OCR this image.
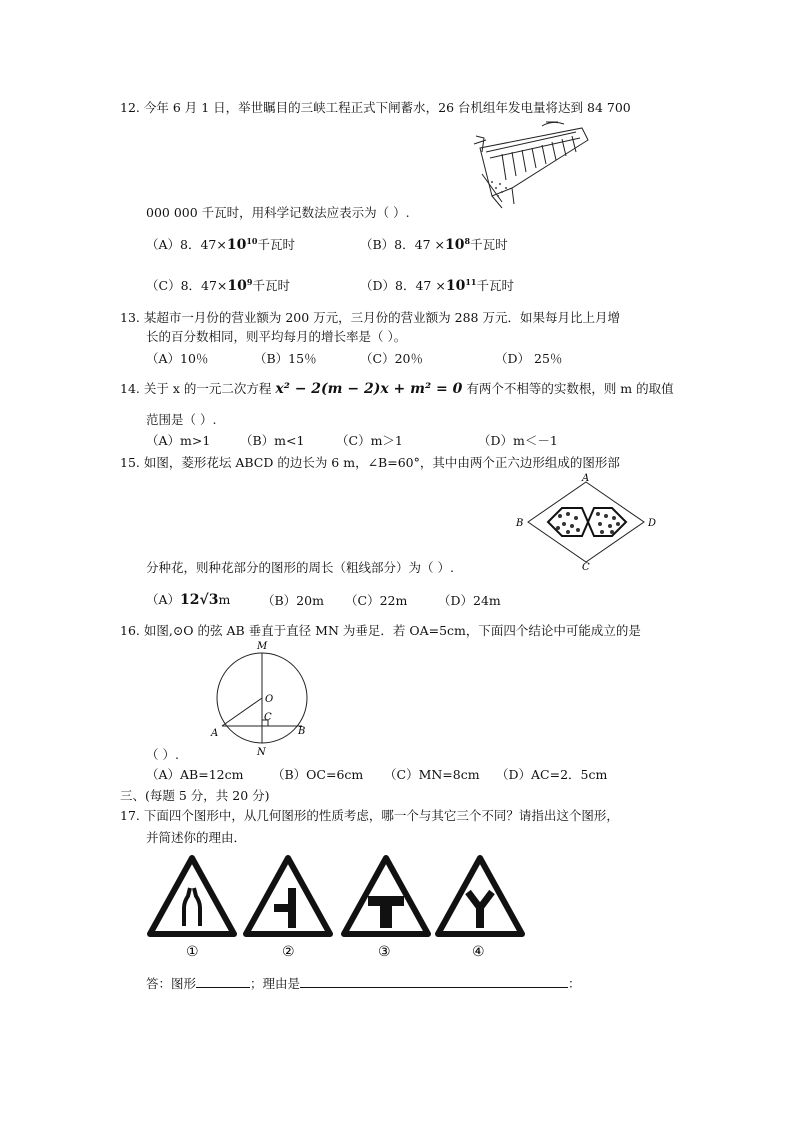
12. 今年 6 月 1 日，举世瞩目的三峡工程正式下闸蓄水，26 台机组年发电量将达到 84 700
000 000 千瓦时，用科学记数法应表示为（ ）.
（A）8．$47\times 10^{10}$千瓦时	（B）8．$47 \times 10^8$千瓦时
（C）8．$47\times 10^9$千瓦时	（D）8．$47 \times 10^{11}$千瓦时
13. 某超市一月份的营业额为 200 万元，三月份的营业额为 288 万元．如果每月比上月增
长的百分数相同，则平均每月的增长率是（ ）。
（A）10％	（B）15％	（C）20％	（D） 25％
14. 关于 x 的一元二次方程 x² − 2(m − 2)x + m² = 0 有两个不相等的实数根，则 m 的取值
范围是（ ）.
（A）m>1 （B）m<1	（C）m＞1	（D）m＜－1
15. 如图，菱形花坛 ABCD 的边长为 6 m，∠B=60°，其中由两个正六边形组成的图形部
A
B	D
C
分种花，则种花部分的图形的周长（粗线部分）为（ ）.
（A）12√3m	（B）20m （C）22m （D）24m
16. 如图,⊙O 的弦 AB 垂直于直径 MN 为垂足．若 OA=5cm，下面四个结论中可能成立的是
M
O
C
A	B
N
（ ）.
（A）AB=12cm （B）OC=6cm （C）MN=8cm （D）AC=2．5cm
三、(每题 5 分，共 20 分)
17. 下面四个图形中，从几何图形的性质考虑，哪一个与其它三个不同？请指出这个图形，
并简述你的理由．
①	②	③	④
答：图形	；理由是	：
